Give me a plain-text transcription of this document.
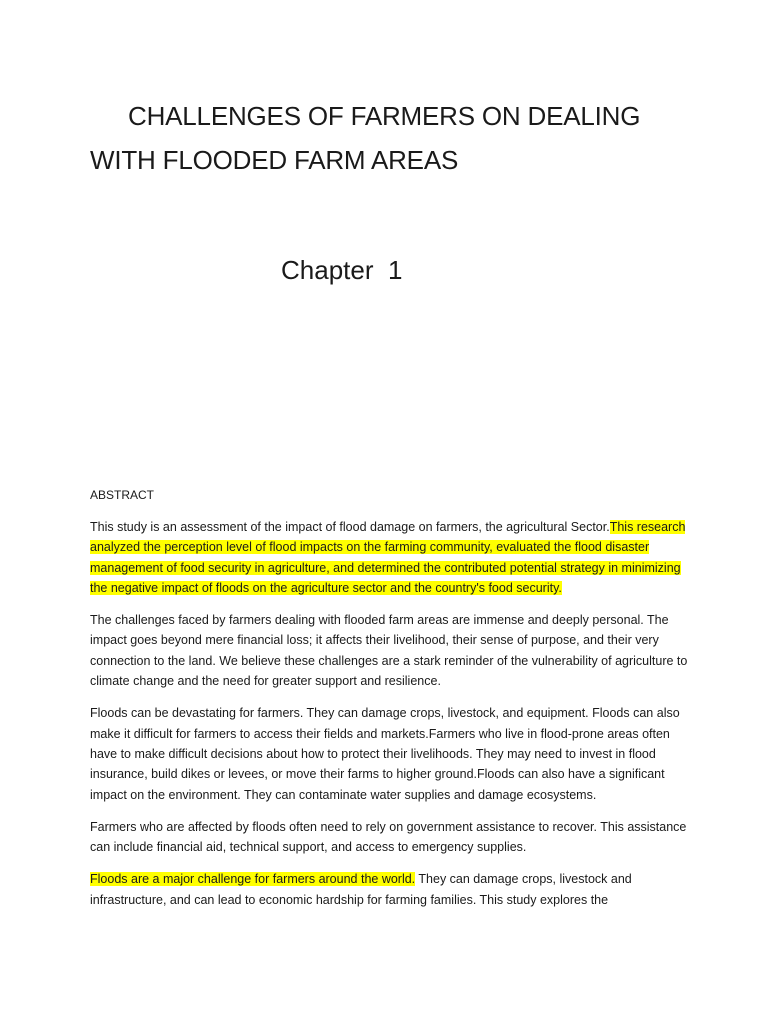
CHALLENGES OF FARMERS ON DEALING WITH FLOODED FARM AREAS
Chapter  1
ABSTRACT

This study is an assessment of the impact of flood damage on farmers, the agricultural Sector.This research analyzed the perception level of flood impacts on the farming community, evaluated the flood disaster management of food security in agriculture, and determined the contributed potential strategy in minimizing the negative impact of floods on the agriculture sector and the country's food security.

The challenges faced by farmers dealing with flooded farm areas are immense and deeply personal. The impact goes beyond mere financial loss; it affects their livelihood, their sense of purpose, and their very connection to the land. We believe these challenges are a stark reminder of the vulnerability of agriculture to climate change and the need for greater support and resilience.

Floods can be devastating for farmers. They can damage crops, livestock, and equipment. Floods can also make it difficult for farmers to access their fields and markets.Farmers who live in flood-prone areas often have to make difficult decisions about how to protect their livelihoods. They may need to invest in flood insurance, build dikes or levees, or move their farms to higher ground.Floods can also have a significant impact on the environment. They can contaminate water supplies and damage ecosystems.

Farmers who are affected by floods often need to rely on government assistance to recover. This assistance can include financial aid, technical support, and access to emergency supplies.

Floods are a major challenge for farmers around the world. They can damage crops, livestock and infrastructure, and can lead to economic hardship for farming families. This study explores the
